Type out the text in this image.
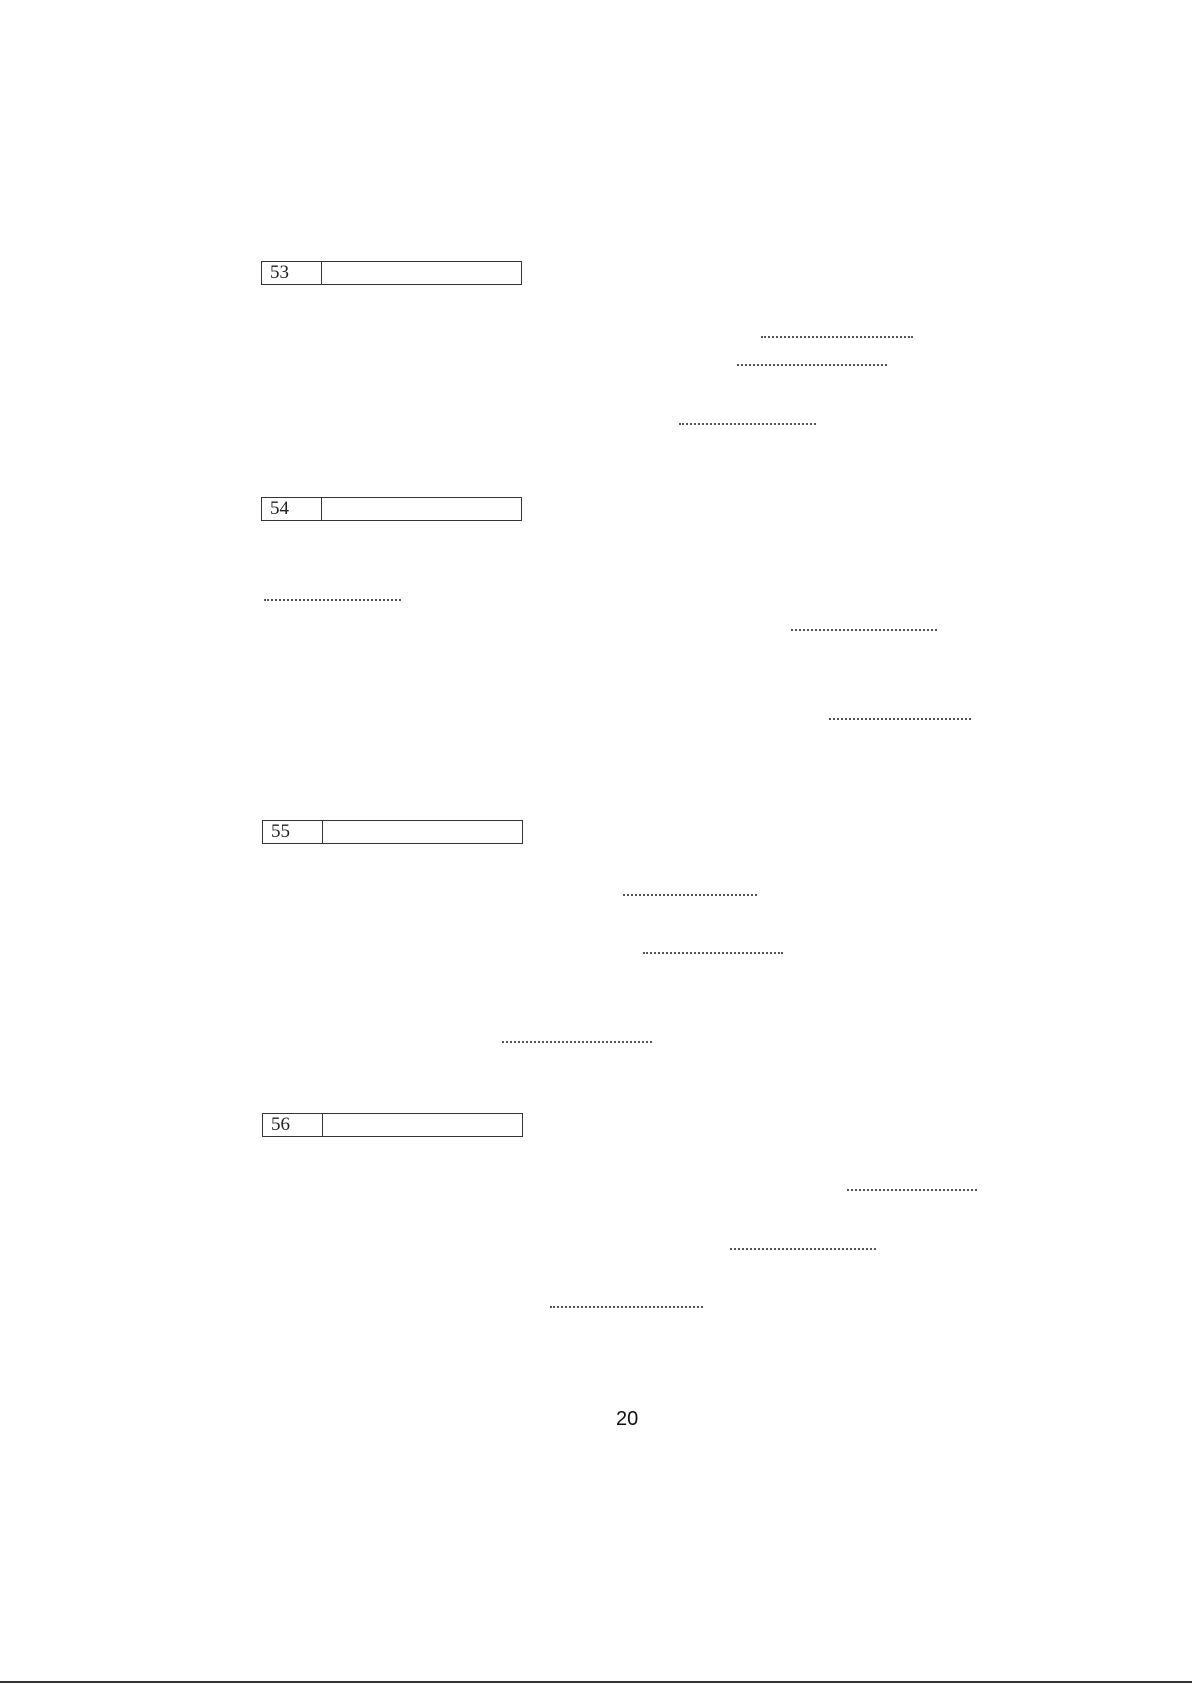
53
54
55
56
20
